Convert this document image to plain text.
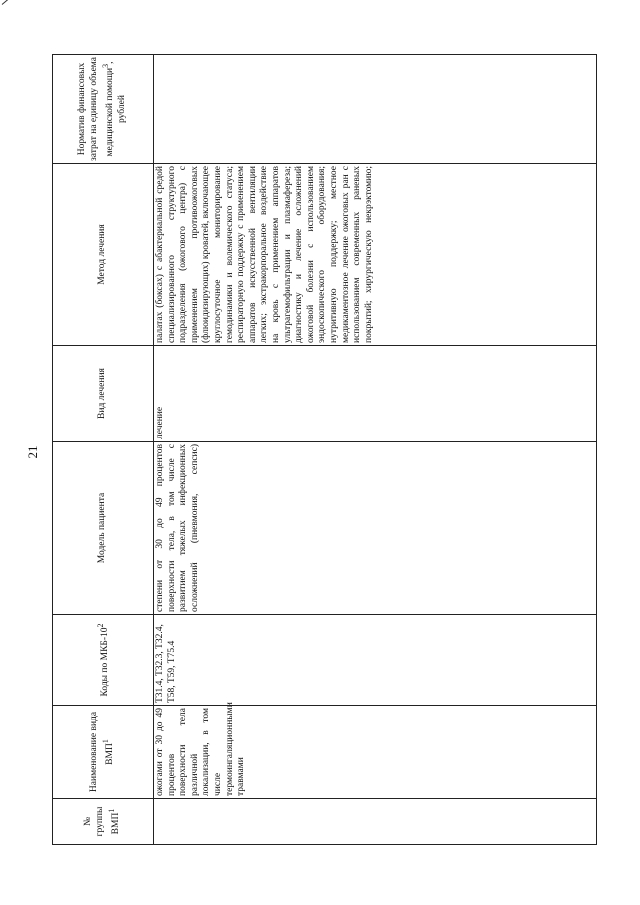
21
№ группы ВМП$^1$	Наименование вида ВМП$^1$	Коды по МКБ-$10^2$	Модель пациента	Вид лечения	Метод лечения	Норматив финансовых затрат на единицу объема медицинской помощи$^3$, рублей
	ожогами от 30 до 49 процентов поверхности тела различной локализации, в том числе термоингаляционными травмами	T31.4, T32.3, T32.4, T58, T59, T75.4	степени от 30 до 49 процентов поверхности тела, в том числе с развитием тяжелых инфекционных осложнений (пневмония, сепсис)	лечение	палатах (боксах) с абактериальной средой специализированного структурного подразделения (ожогового центра) с применением противоожоговых (флюидизирующих) кроватей, включающее круглосуточное мониторирование гемодинамики и волемического статуса; респираторную поддержку с применением аппаратов искусственной вентиляции легких; экстракорпоральное воздействие на кровь с применением аппаратов ультрагемофильтрации и плазмафереза; диагностику и лечение осложнений ожоговой болезни с использованием эндоскопического оборудования; нутритивную поддержку; местное медикаментозное лечение ожоговых ран с использованием современных раневых покрытий; хирургическую некрэктомию;	
